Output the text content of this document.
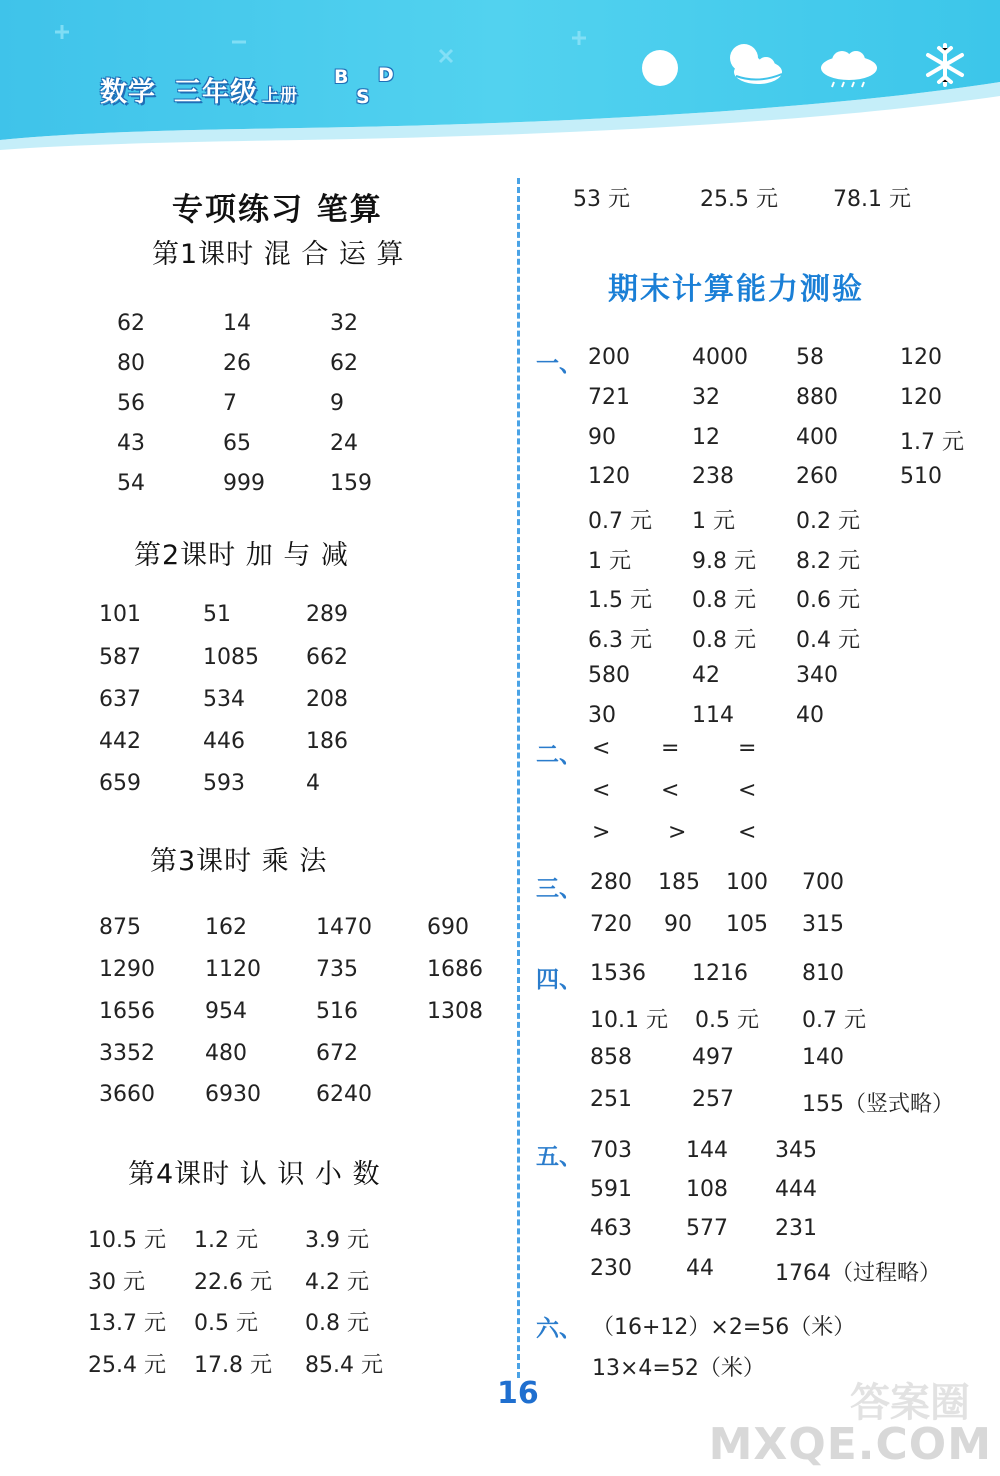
数学 三年级 上册
B
S
D
专项练习 笔算
第1课时 混 合 运 算
62	14	32
80	26	62
56	7	9
43	65	24
54	999	159
第2课时 加 与 减
101	51	289
587	1085 662
637	534	208
442	446	186
659	593	4
第3课时 乘 法
875	162	1470	690
1290 1120	735	1686
1656 954	516	1308
3352 480	672
3660 6930	6240
第4课时 认 识 小 数
10.5 元 1.2 元 3.9 元
30 元 22.6 元 4.2 元
13.7 元 0.5 元 0.8 元
25.4 元 17.8 元 85.4 元
53 元	25.5 元	78.1 元
期末计算能力测验
一、 200	4000 58	120
721	32	880	120
90	12	400	1.7 元
120	238	260	510
0.7 元 1 元	0.2 元
1 元	9.8 元 8.2 元
1.5 元 0.8 元 0.6 元
6.3 元 0.8 元 0.4 元
580	42	340
30	114	40
二、 < =	=
< <	<
>	> <
三、 280 185 100 700
720 90 105 315
四、 1536 1216 810
10.1 元 0.5 元 0.7 元
858	497	140
251	257	155（竖式略）
五、 703 144 345
591 108 444
463 577 231
230 44	1764（过程略）
六、 （16+12）×2=56（米）
13×4=52（米）
16	答案圈
MXQE.COM
